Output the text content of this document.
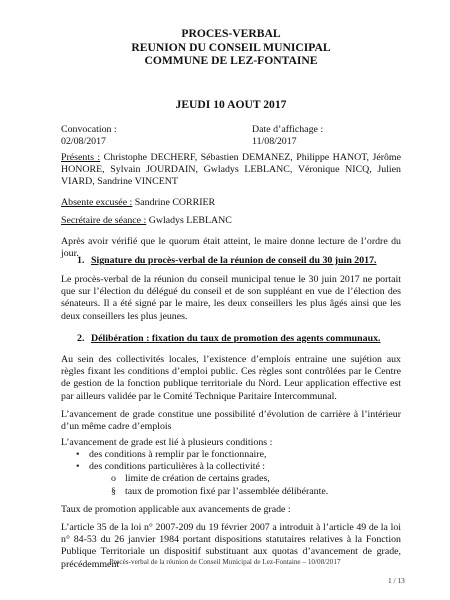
PROCES-VERBAL
REUNION DU CONSEIL MUNICIPAL
COMMUNE DE LEZ-FONTAINE
JEUDI 10 AOUT 2017
Convocation :	Date d’affichage :
02/08/2017	11/08/2017
Présents : Christophe DECHERF, Sébastien DEMANEZ, Philippe HANOT, Jérôme HONORE, Sylvain JOURDAIN, Gwladys LEBLANC, Véronique NICQ, Julien VIARD, Sandrine VINCENT
Absente excusée : Sandrine CORRIER
Secrétaire de séance : Gwladys LEBLANC
Après avoir vérifié que le quorum était atteint, le maire donne lecture de l’ordre du jour.
1. Signature du procès-verbal de la réunion de conseil du 30 juin 2017.
Le procès-verbal de la réunion du conseil municipal tenue le 30 juin 2017 ne portait que sur l’élection du délégué du conseil et de son suppléant en vue de l’élection des sénateurs. Il a été signé par le maire, les deux conseillers les plus âgés ainsi que les deux conseillers les plus jeunes.
2. Délibération : fixation du taux de promotion des agents communaux.
Au sein des collectivités locales, l’existence d’emplois entraine une sujétion aux règles fixant les conditions d’emploi public. Ces règles sont contrôlées par le Centre de gestion de la fonction publique territoriale du Nord. Leur application effective est par ailleurs validée par le Comité Technique Paritaire Intercommunal.
L’avancement de grade constitue une possibilité d’évolution de carrière à l’intérieur d’un même cadre d’emplois
L’avancement de grade est lié à plusieurs conditions :
• des conditions à remplir par le fonctionnaire,
• des conditions particulières à la collectivité :
o limite de création de certains grades,
§ taux de promotion fixé par l’assemblée délibérante.
Taux de promotion applicable aux avancements de grade :
L’article 35 de la loi n° 2007-209 du 19 février 2007 a introduit à l’article 49 de la loi n° 84-53 du 26 janvier 1984 portant dispositions statutaires relatives à la Fonction Publique Territoriale un dispositif substituant aux quotas d’avancement de grade, précédemment
Procès-verbal de la réunion de Conseil Municipal de Lez-Fontaine – 10/08/2017
1 / 13
